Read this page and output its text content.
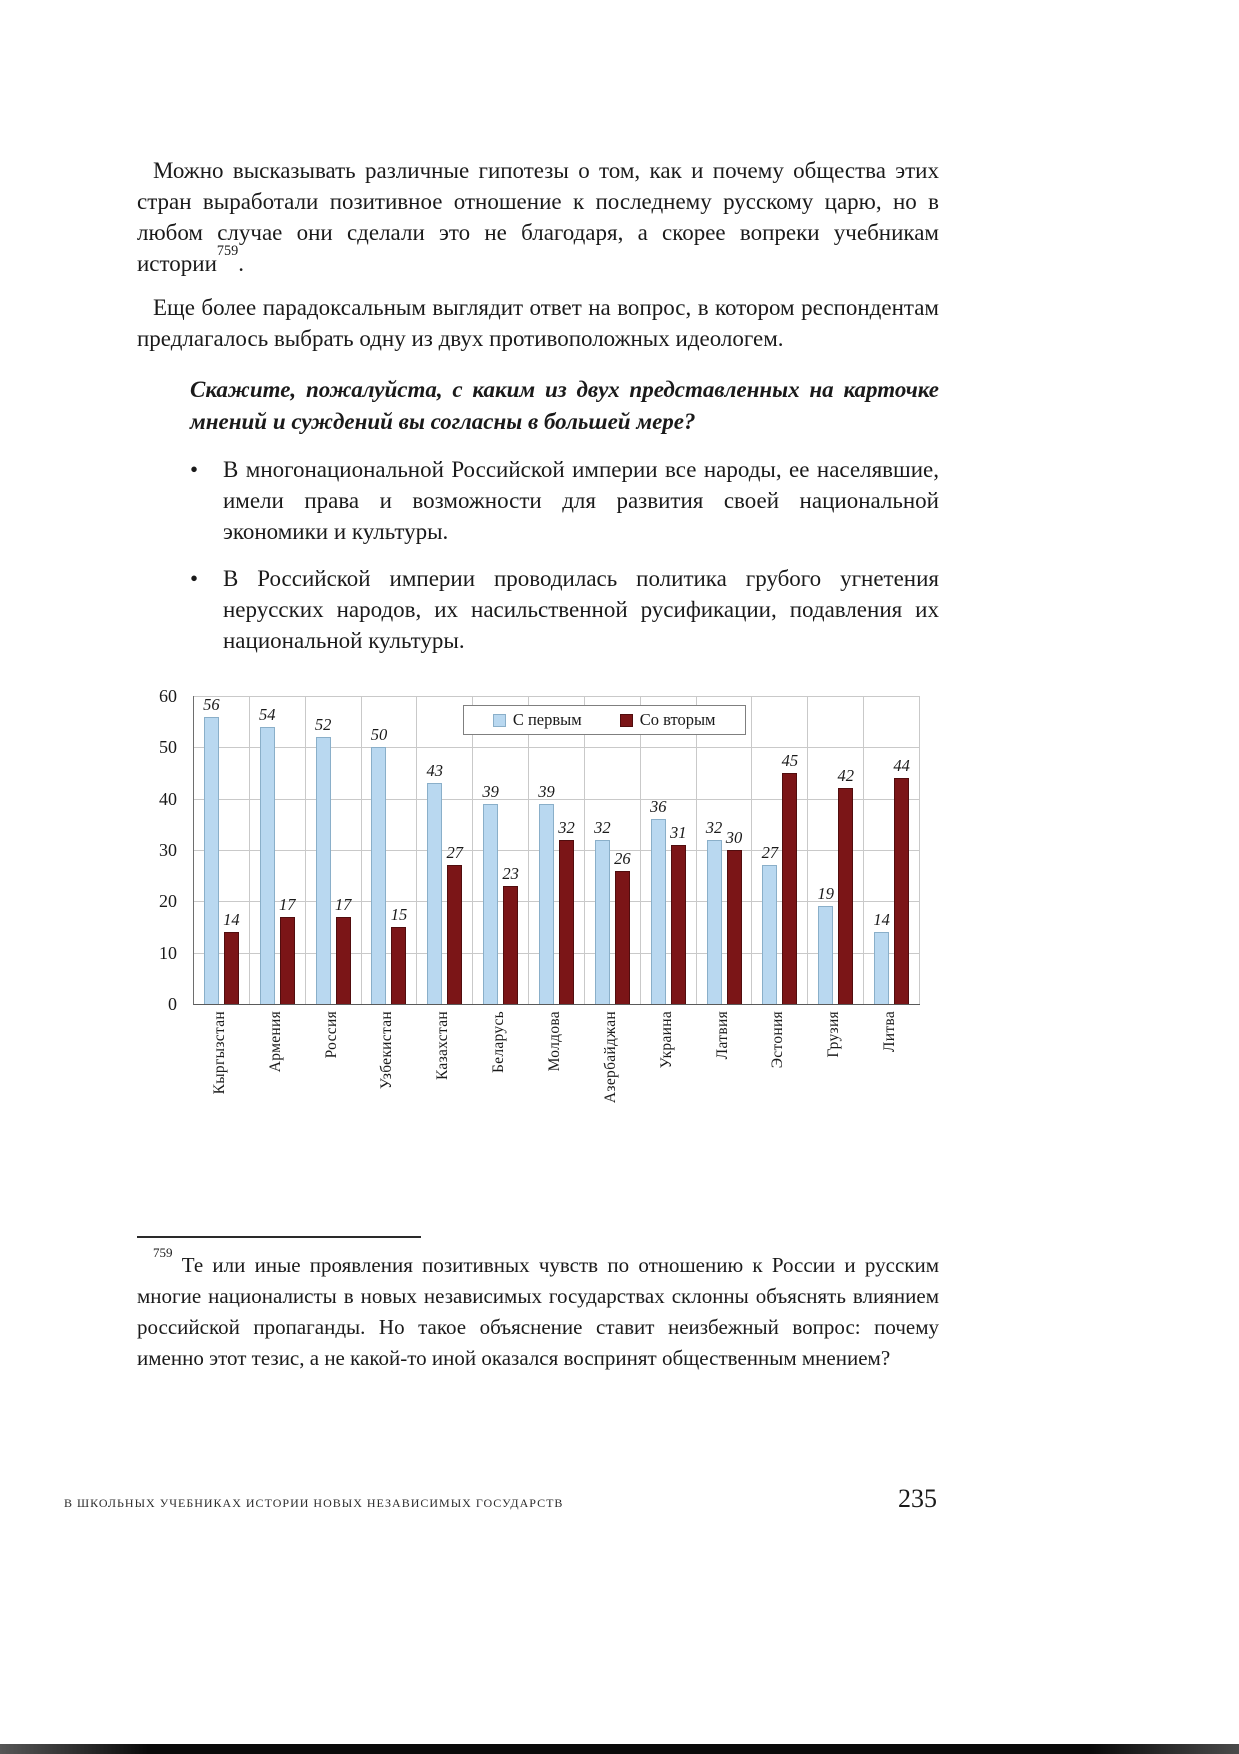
Можно высказывать различные гипотезы о том, как и почему общества этих стран выработали позитивное отношение к последнему русскому царю, но в любом случае они сделали это не благодаря, а скорее вопреки учебникам истории$^{759}$.

Еще более парадоксальным выглядит ответ на вопрос, в котором респондентам предлагалось выбрать одну из двух противоположных идеологем.

Скажите, пожалуйста, с каким из двух представленных на карточке мнений и суждений вы согласны в большей мере?

•	В многонациональной Российской империи все народы, ее населявшие, имели права и возможности для развития своей национальной экономики и культуры.
•	В Российской империи проводилась политика грубого угнетения нерусских народов, их насильственной русификации, подавления их национальной культуры.
0
10
20
30
40
50
60
С первым	Со вторым
56
14
54
17
52
17
50
15
43
27
39
23
39
32 32
26
36
31 32
30
27
45
19
42
14
44
Кыргызстан	Армения	Россия	Узбекистан	Казахстан	Беларусь	Молдова	Азербайджан	Украина	Латвия	Эстония	Грузия	Литва

$^{759}$ Те или иные проявления позитивных чувств по отношению к России и русским многие националисты в новых независимых государствах склонны объяснять влиянием российской пропаганды. Но такое объяснение ставит неизбежный вопрос: почему именно этот тезис, а не какой-то иной оказался воспринят общественным мнением?

В ШКОЛЬНЫХ УЧЕБНИКАХ ИСТОРИИ НОВЫХ НЕЗАВИСИМЫХ ГОСУДАРСТВ	235
